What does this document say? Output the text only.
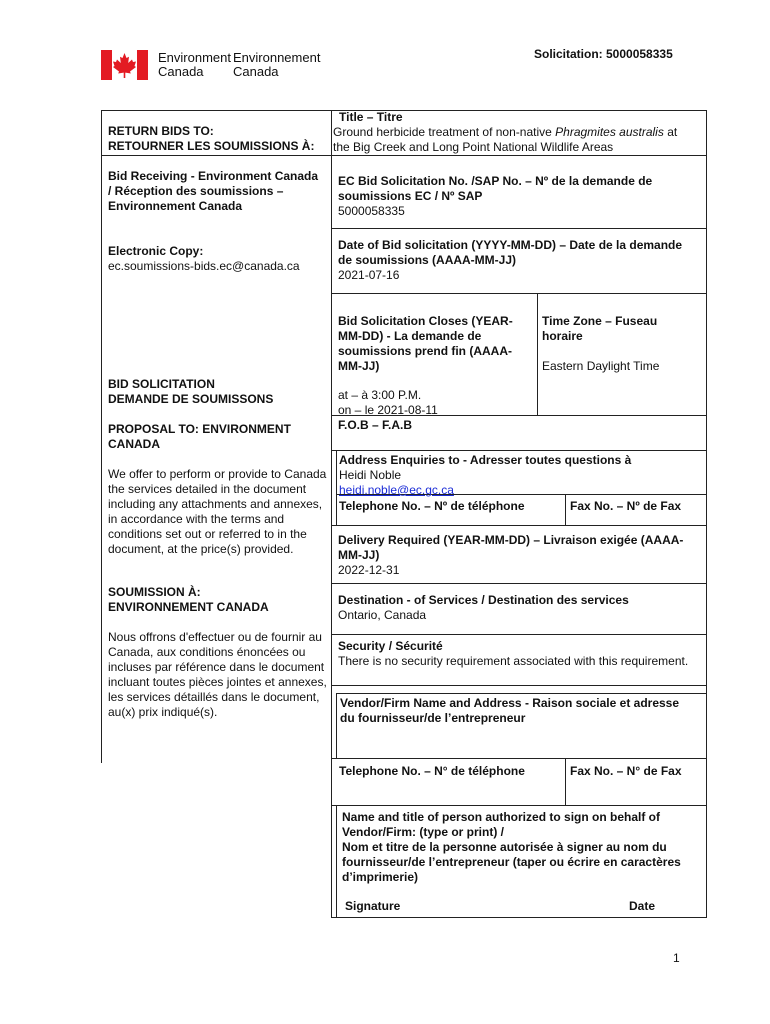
Environment
Canada
Environnement
Canada
Solicitation: 5000058335
RETURN BIDS TO:
RETOURNER LES SOUMISSIONS À:
Bid Receiving - Environment Canada
/ Réception des soumissions –
Environnement Canada
Electronic Copy:
ec.soumissions-bids.ec@canada.ca
BID SOLICITATION
DEMANDE DE SOUMISSONS
PROPOSAL TO: ENVIRONMENT
CANADA
We offer to perform or provide to Canada the services detailed in the document including any attachments and annexes, in accordance with the terms and conditions set out or referred to in the document, at the price(s) provided.
SOUMISSION À:
ENVIRONNEMENT CANADA
Nous offrons d'effectuer ou de fournir au Canada, aux conditions énoncées ou incluses par référence dans le document incluant toutes pièces jointes et annexes, les services détaillés dans le document, au(x) prix indiqué(s).
Title – Titre
Ground herbicide treatment of non-native Phragmites australis at
the Big Creek and Long Point National Wildlife Areas
EC Bid Solicitation No. /SAP No. – Nº de la demande de
soumissions EC / Nº SAP
5000058335
Date of Bid solicitation (YYYY-MM-DD) – Date de la demande
de soumissions (AAAA-MM-JJ)
2021-07-16
Bid Solicitation Closes (YEAR-
MM-DD) - La demande de
soumissions prend fin (AAAA-
MM-JJ)
at – à 3:00 P.M.
on – le 2021-08-11
Time Zone – Fuseau
horaire
Eastern Daylight Time
F.O.B – F.A.B
Address Enquiries to - Adresser toutes questions à
Heidi Noble
heidi.noble@ec.gc.ca
Telephone No. – Nº de téléphone	Fax No. – Nº de Fax
Delivery Required (YEAR-MM-DD) – Livraison exigée (AAAA-
MM-JJ)
2022-12-31
Destination - of Services / Destination des services
Ontario, Canada
Security / Sécurité
There is no security requirement associated with this requirement.
Vendor/Firm Name and Address - Raison sociale et adresse
du fournisseur/de l’entrepreneur
Telephone No. – N° de téléphone	Fax No. – N° de Fax
Name and title of person authorized to sign on behalf of
Vendor/Firm: (type or print) /
Nom et titre de la personne autorisée à signer au nom du
fournisseur/de l’entrepreneur (taper ou écrire en caractères
d’imprimerie)
Signature	Date
1
